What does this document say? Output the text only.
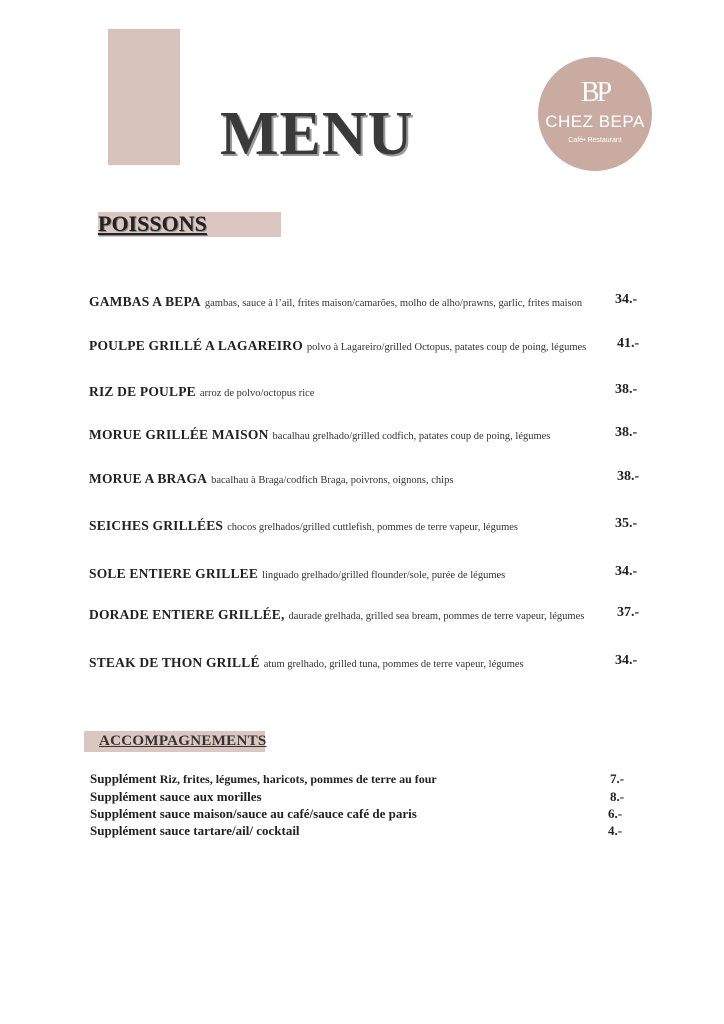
MENU
BP
CHEZ BEPA
Café• Restaurant
POISSONS
GAMBAS A BEPA gambas, sauce à l’ail, frites maison/camarões, molho de alho/prawns, garlic, frites maison	34.-
POULPE GRILLÉ A LAGAREIRO polvo à Lagareiro/grilled Octopus, patates coup de poing, légumes 41.-
RIZ DE POULPE arroz de polvo/octopus rice	38.-
MORUE GRILLÉE MAISON bacalhau grelhado/grilled codfich, patates coup de poing, légumes	38.-
MORUE A BRAGA bacalhau à Braga/codfich Braga, poivrons, oignons, chips	38.-
SEICHES GRILLÉES chocos grelhados/grilled cuttlefish, pommes de terre vapeur, légumes	35.-
SOLE ENTIERE GRILLEE linguado grelhado/grilled flounder/sole, purée de légumes	34.-
DORADE ENTIERE GRILLÉE, daurade grelhada, grilled sea bream, pommes de terre vapeur, légumes	37.-
STEAK DE THON GRILLÉ atum grelhado, grilled tuna, pommes de terre vapeur, légumes	34.-
ACCOMPAGNEMENTS
Supplément Riz, frites, légumes, haricots, pommes de terre au four	7.-
Supplément sauce aux morilles	8.-
Supplément sauce maison/sauce au café/sauce café de paris	6.-
Supplément sauce tartare/ail/ cocktail	4.-
